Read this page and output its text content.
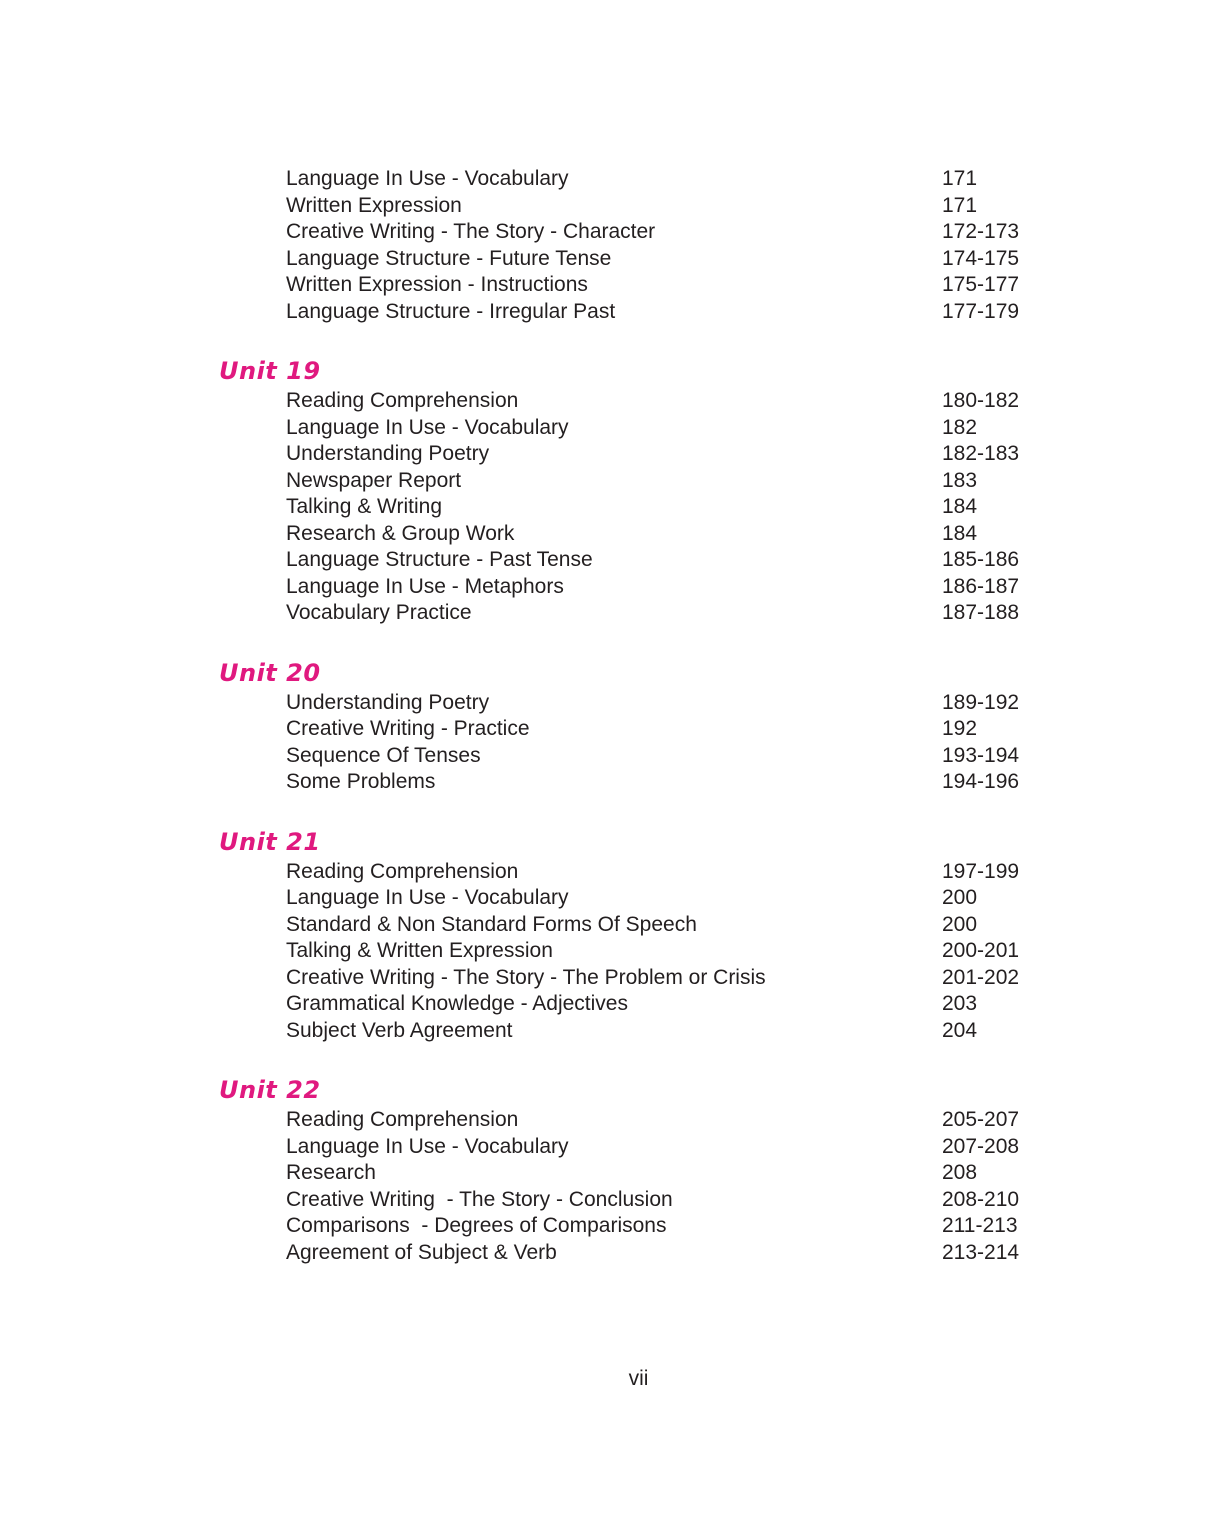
Language In Use - Vocabulary	171
Written Expression	171
Creative Writing - The Story - Character	172-173
Language Structure - Future Tense	174-175
Written Expression - Instructions	175-177
Language Structure - Irregular Past	177-179
Unit 19
Reading Comprehension	180-182
Language In Use - Vocabulary	182
Understanding Poetry	182-183
Newspaper Report	183
Talking & Writing	184
Research & Group Work	184
Language Structure - Past Tense	185-186
Language In Use - Metaphors	186-187
Vocabulary Practice	187-188
Unit 20
Understanding Poetry	189-192
Creative Writing - Practice	192
Sequence Of Tenses	193-194
Some Problems	194-196
Unit 21
Reading Comprehension	197-199
Language In Use - Vocabulary	200
Standard & Non Standard Forms Of Speech	200
Talking & Written Expression	200-201
Creative Writing - The Story - The Problem or Crisis	201-202
Grammatical Knowledge - Adjectives	203
Subject Verb Agreement	204
Unit 22
Reading Comprehension	205-207
Language In Use - Vocabulary	207-208
Research	208
Creative Writing  - The Story - Conclusion	208-210
Comparisons  - Degrees of Comparisons	211-213
Agreement of Subject & Verb	213-214
vii
